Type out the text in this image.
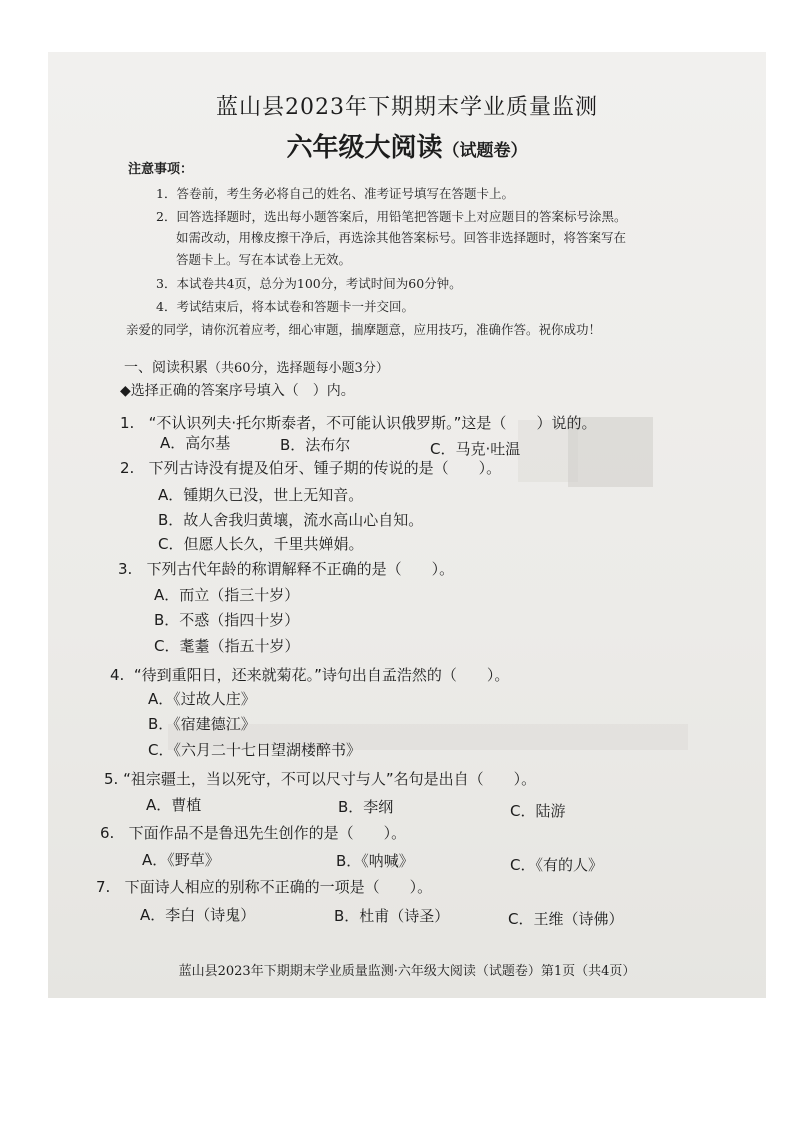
蓝山县2023年下期期末学业质量监测
六年级大阅读（试题卷）
注意事项：
1．答卷前，考生务必将自己的姓名、准考证号填写在答题卡上。
2．回答选择题时，选出每小题答案后，用铅笔把答题卡上对应题目的答案标号涂黑。
如需改动，用橡皮擦干净后，再选涂其他答案标号。回答非选择题时，将答案写在
答题卡上。写在本试卷上无效。
3．本试卷共4页，总分为100分，考试时间为60分钟。
4．考试结束后，将本试卷和答题卡一并交回。
亲爱的同学，请你沉着应考，细心审题，揣摩题意，应用技巧，准确作答。祝你成功！
一、阅读积累（共60分，选择题每小题3分）
◆选择正确的答案序号填入（　）内。
1. “不认识列夫·托尔斯泰者，不可能认识俄罗斯。”这是（　　）说的。
A．高尔基	B．法布尔	C．马克·吐温
2. 下列古诗没有提及伯牙、锺子期的传说的是（　　）。
A．锺期久已没，世上无知音。
B．故人舍我归黄壤，流水高山心自知。
C．但愿人长久，千里共婵娟。
3. 下列古代年龄的称谓解释不正确的是（　　）。
A．而立（指三十岁）
B．不惑（指四十岁）
C．耄耋（指五十岁）
4. “待到重阳日，还来就菊花。”诗句出自孟浩然的（　　）。
A．《过故人庄》
B．《宿建德江》
C．《六月二十七日望湖楼醉书》
5. “祖宗疆土，当以死守，不可以尺寸与人”名句是出自（　　）。
A．曹植	B．李纲	C．陆游
6. 下面作品不是鲁迅先生创作的是（　　）。
A．《野草》	B．《呐喊》	C．《有的人》
7. 下面诗人相应的别称不正确的一项是（　　）。
A．李白（诗鬼）	B．杜甫（诗圣）	C．王维（诗佛）
蓝山县2023年下期期末学业质量监测·六年级大阅读（试题卷）第1页（共4页）
